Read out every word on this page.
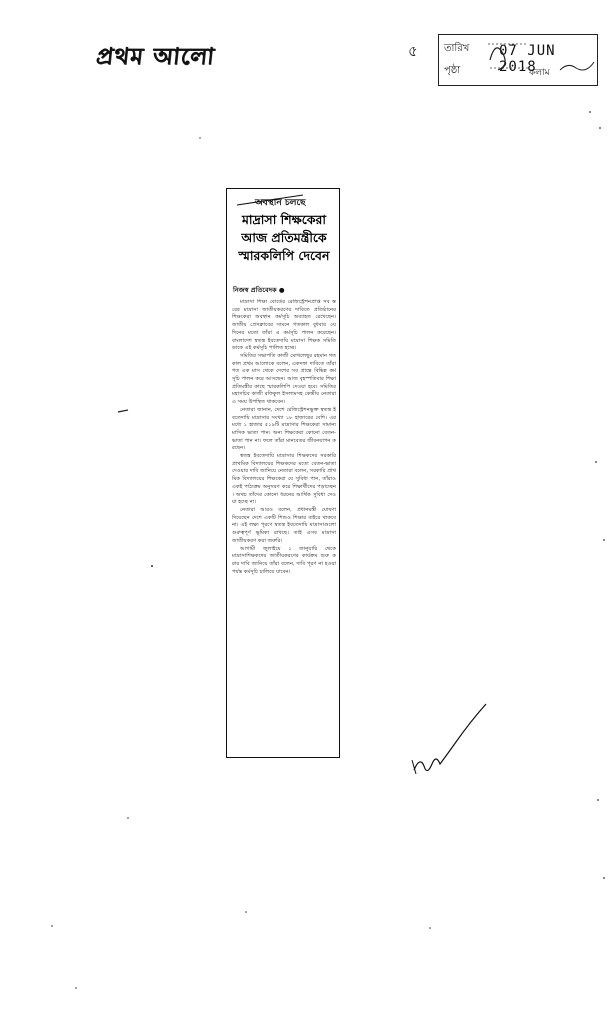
প্রথম আলো	৫	তারিখ 07 JUN 2018
পৃষ্ঠা	কলাম
অবস্থান চলছে
মাদ্রাসা শিক্ষকেরা আজ প্রতিমন্ত্রীকে স্মারকলিপি দেবেন
নিজস্ব প্রতিবেদক ●

মাদ্রাসা শিক্ষা বোর্ডের রেজিস্ট্রেশনপ্রাপ্ত সব স্তরের মাদ্রাসা জাতীয়করণের দাবিতে প্রতিষ্ঠানের শিক্ষকেরা অবস্থান কর্মসূচি অব্যাহত রেখেছেন। জাতীয় প্রেসক্লাবের সামনে গতকাল বুধবার ৩য় দিনের মতো তাঁরা এ কর্মসূচি পালন করেছেন। বাংলাদেশ স্বতন্ত্র ইবতেদায়ি মাদ্রাসা শিক্ষক সমিতি ডাকে এই কর্মসূচি পালিত হচ্ছে।

সমিতির সভাপতি কাজী মোখলেছুর রহমান গতকাল প্রথম আলোকে বলেন, একদফা দাবিতে তাঁরা গত এক মাস থেকে দেশের সব প্রান্তে বিভিন্ন কর্মসূচি পালন করে আসছেন। আজ বৃহস্পতিবার শিক্ষা প্রতিমন্ত্রীর কাছে স্মারকলিপি দেওয়া হবে। সমিতির মহাসচিব কাজী রফিকুল ইসলামসহ কেন্দ্রীয় নেতারা এ সময় উপস্থিত থাকবেন।

নেতারা জানান, দেশে রেজিস্ট্রেশনভুক্ত স্বতন্ত্র ইবতেদায়ি মাদ্রাসার সংখ্যা ১৮ হাজারের বেশি। এর মধ্যে ১ হাজার ৫১৯টি মাদ্রাসার শিক্ষকেরা সামান্য মাসিক ভাতা পান। অন্য শিক্ষকেরা কোনো বেতন-ভাতা পান না। ফলে তাঁরা মানবেতর জীবনযাপন করছেন।

স্বতন্ত্র ইবতেদায়ি মাদ্রাসার শিক্ষকদের সরকারি প্রাথমিক বিদ্যালয়ের শিক্ষকদের মতো বেতন-ভাতা দেওয়ার দাবি জানিয়ে নেতারা বলেন, সরকারি প্রাথমিক বিদ্যালয়ের শিক্ষকেরা যে সুবিধা পান, তাঁরাও একই পাঠ্যক্রম অনুসরণ করে শিক্ষার্থীদের পড়াচ্ছেন। অথচ তাঁদের কোনো ধরনের আর্থিক সুবিধা দেওয়া হচ্ছে না।

নেতারা আরও বলেন, প্রধানমন্ত্রী ঘোষণা দিয়েছেন দেশে একটি শিশুও শিক্ষার বাইরে থাকবে না। এই লক্ষ্য পূরণে স্বতন্ত্র ইবতেদায়ি মাদ্রাসাগুলো গুরুত্বপূর্ণ ভূমিকা রাখছে। তাই এসব মাদ্রাসা জাতীয়করণ করা জরুরি।

আগামী জুলাইয়ে ১ জানুয়ারি থেকে মাদ্রাসাশিক্ষকদের জাতীয়করণের কার্যক্রম শুরু করার দাবি জানিয়ে তাঁরা বলেন, দাবি পূরণ না হওয়া পর্যন্ত কর্মসূচি চালিয়ে যাবেন।
